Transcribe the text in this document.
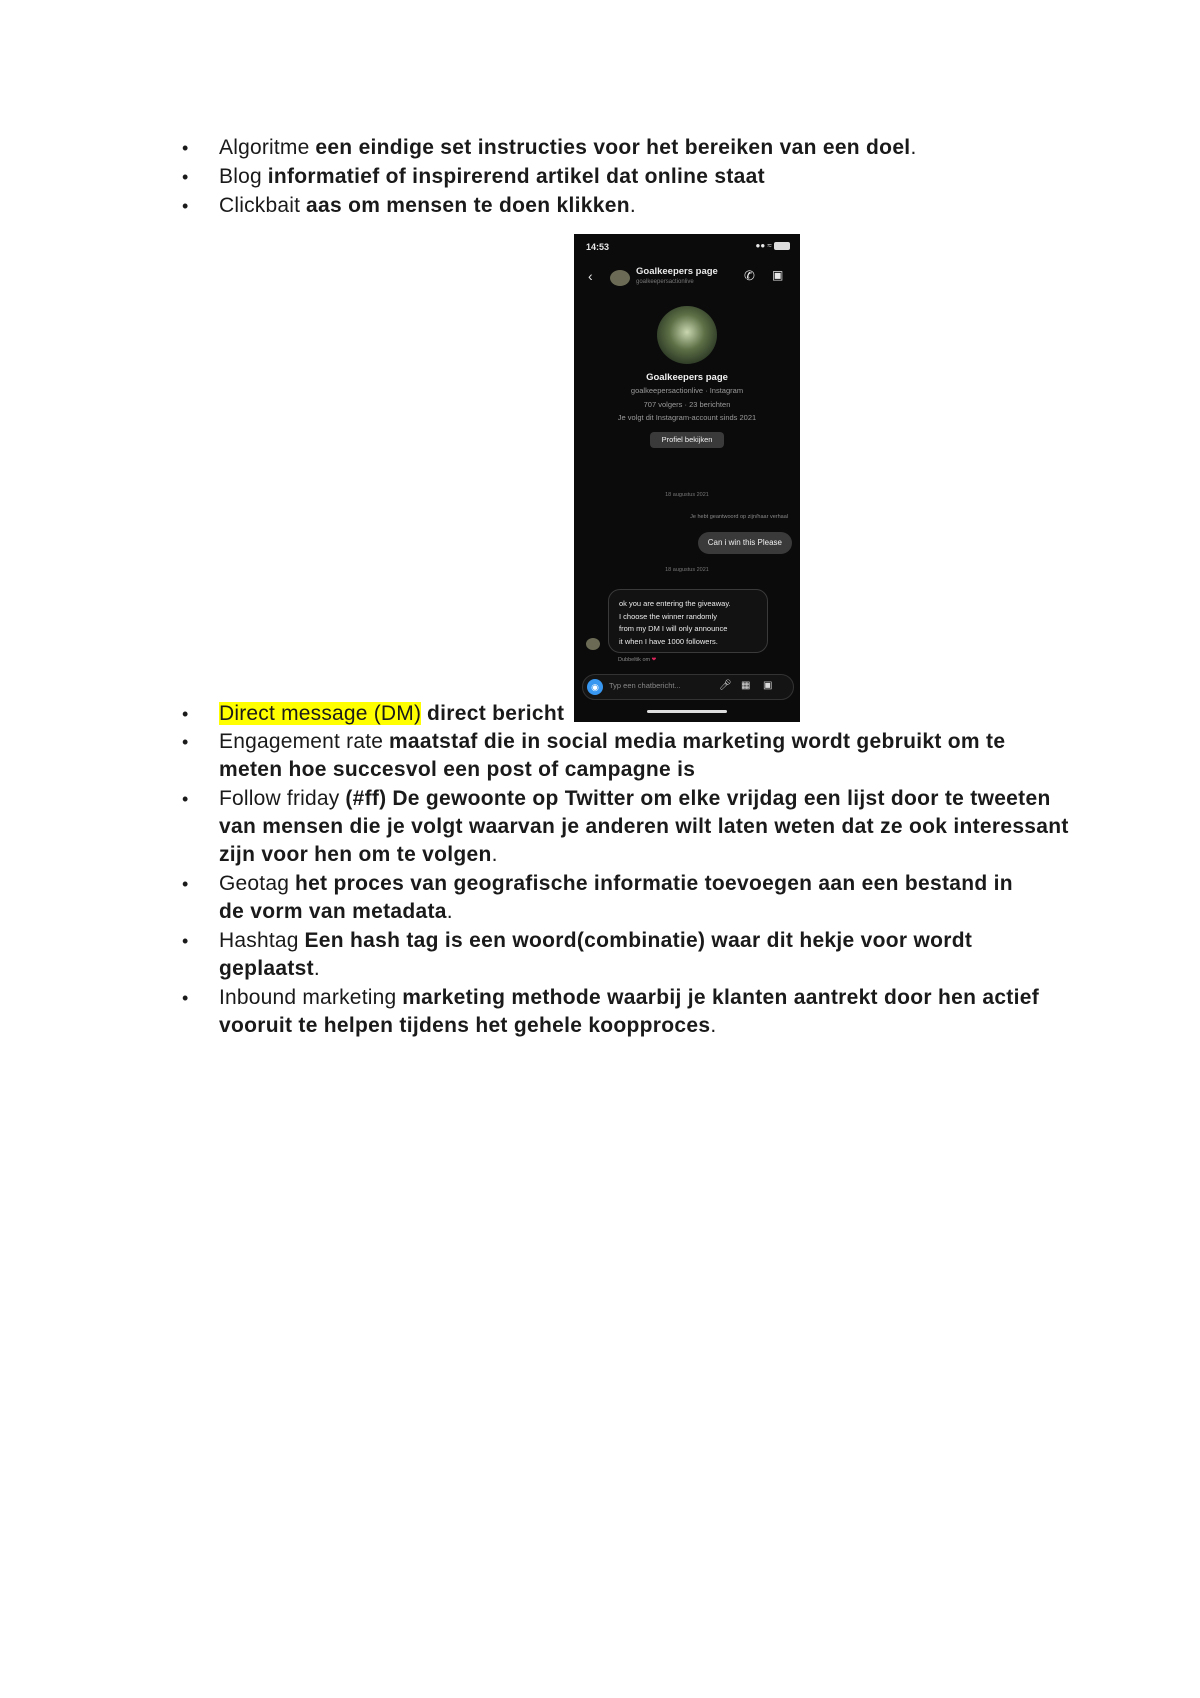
•
Algoritme een eindige set instructies voor het bereiken van een doel.
•
Blog informatief of inspirerend artikel dat online staat
•
Clickbait aas om mensen te doen klikken.
•
Direct message (DM) direct bericht
•
Engagement rate maatstaf die in social media marketing wordt gebruikt om te meten hoe succesvol een post of campagne is
•
Follow friday (#ff) De gewoonte op Twitter om elke vrijdag een lijst door te tweeten van mensen die je volgt waarvan je anderen wilt laten weten dat ze ook interessant zijn voor hen om te volgen.
•
Geotag het proces van geografische informatie toevoegen aan een bestand in de vorm van metadata.
•
Hashtag Een hash tag is een woord(combinatie) waar dit hekje voor wordt geplaatst.
•
Inbound marketing marketing methode waarbij je klanten aantrekt door hen actief vooruit te helpen tijdens het gehele koopproces.
14:53	●● ≈
‹	Goalkeepers page
goalkeepersactionlive	✆ ▣
Goalkeepers page
goalkeepersactionlive · Instagram
707 volgers · 23 berichten
Je volgt dit Instagram-account sinds 2021
Profiel bekijken
18 augustus 2021
Je hebt geantwoord op zijn/haar verhaal
Can i win this Please
18 augustus 2021
ok you are entering the giveaway.
I choose the winner randomly
from my DM I will only announce
it when I have 1000 followers.
Dubbeltik om ❤
◉	Typ een chatbericht...	🎤︎ ▦ ▣
